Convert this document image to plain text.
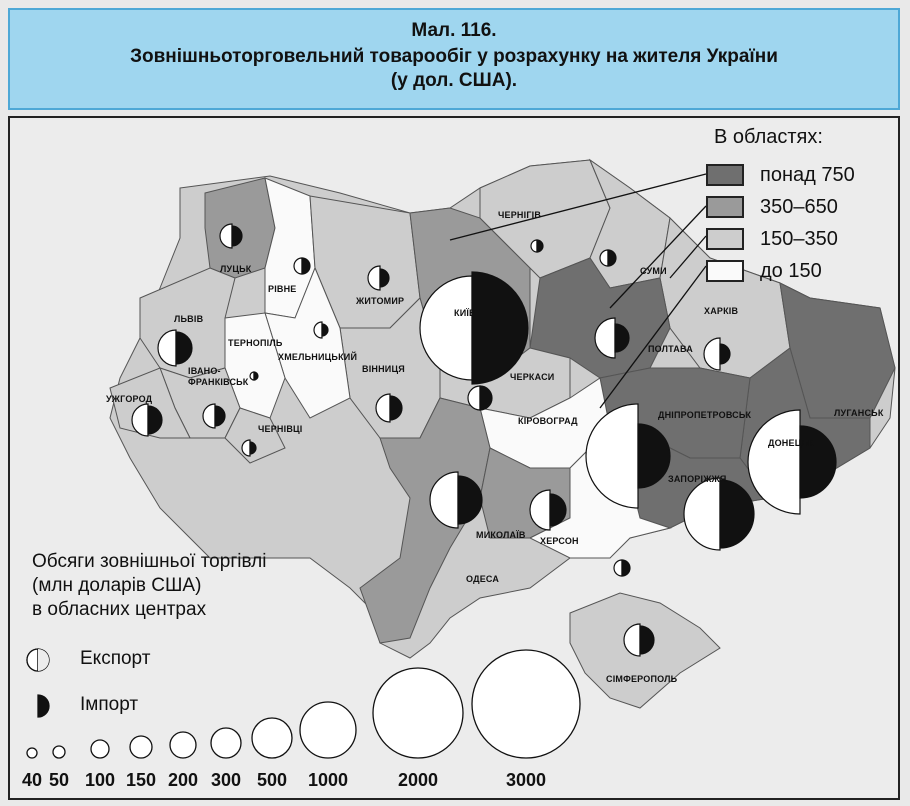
Мал. 116.
Зовнішньоторговельний товарообіг у розрахунку на жителя України
(у дол. США).
В областях:
понад 750
350–650
150–350
до 150
Обсяги зовнішньої торгівлі
(млн доларів США)
в обласних центрах
Експорт
Імпорт
40 50 100 150 200 300 500 1000	2000	3000
ЛУЦЬК
РІВНЕ
ЖИТОМИР
КИЇВ
ЧЕРНІГІВ
СУМИ
ХАРКІВ
ПОЛТАВА
ЛЬВІВ
ТЕРНОПІЛЬ
ХМЕЛЬНИЦЬКИЙ
ВІННИЦЯ
ЧЕРКАСИ
ІВАНО-ФРАНКІВСЬК
УЖГОРОД
ЧЕРНІВЦІ
КІРОВОГРАД
ДНІПРОПЕТРОВСЬК
ДОНЕЦЬК
ЛУГАНСЬК
ЗАПОРІЖЖЯ
МИКОЛАЇВ
ХЕРСОН
ОДЕСА
СІМФЕРОПОЛЬ
